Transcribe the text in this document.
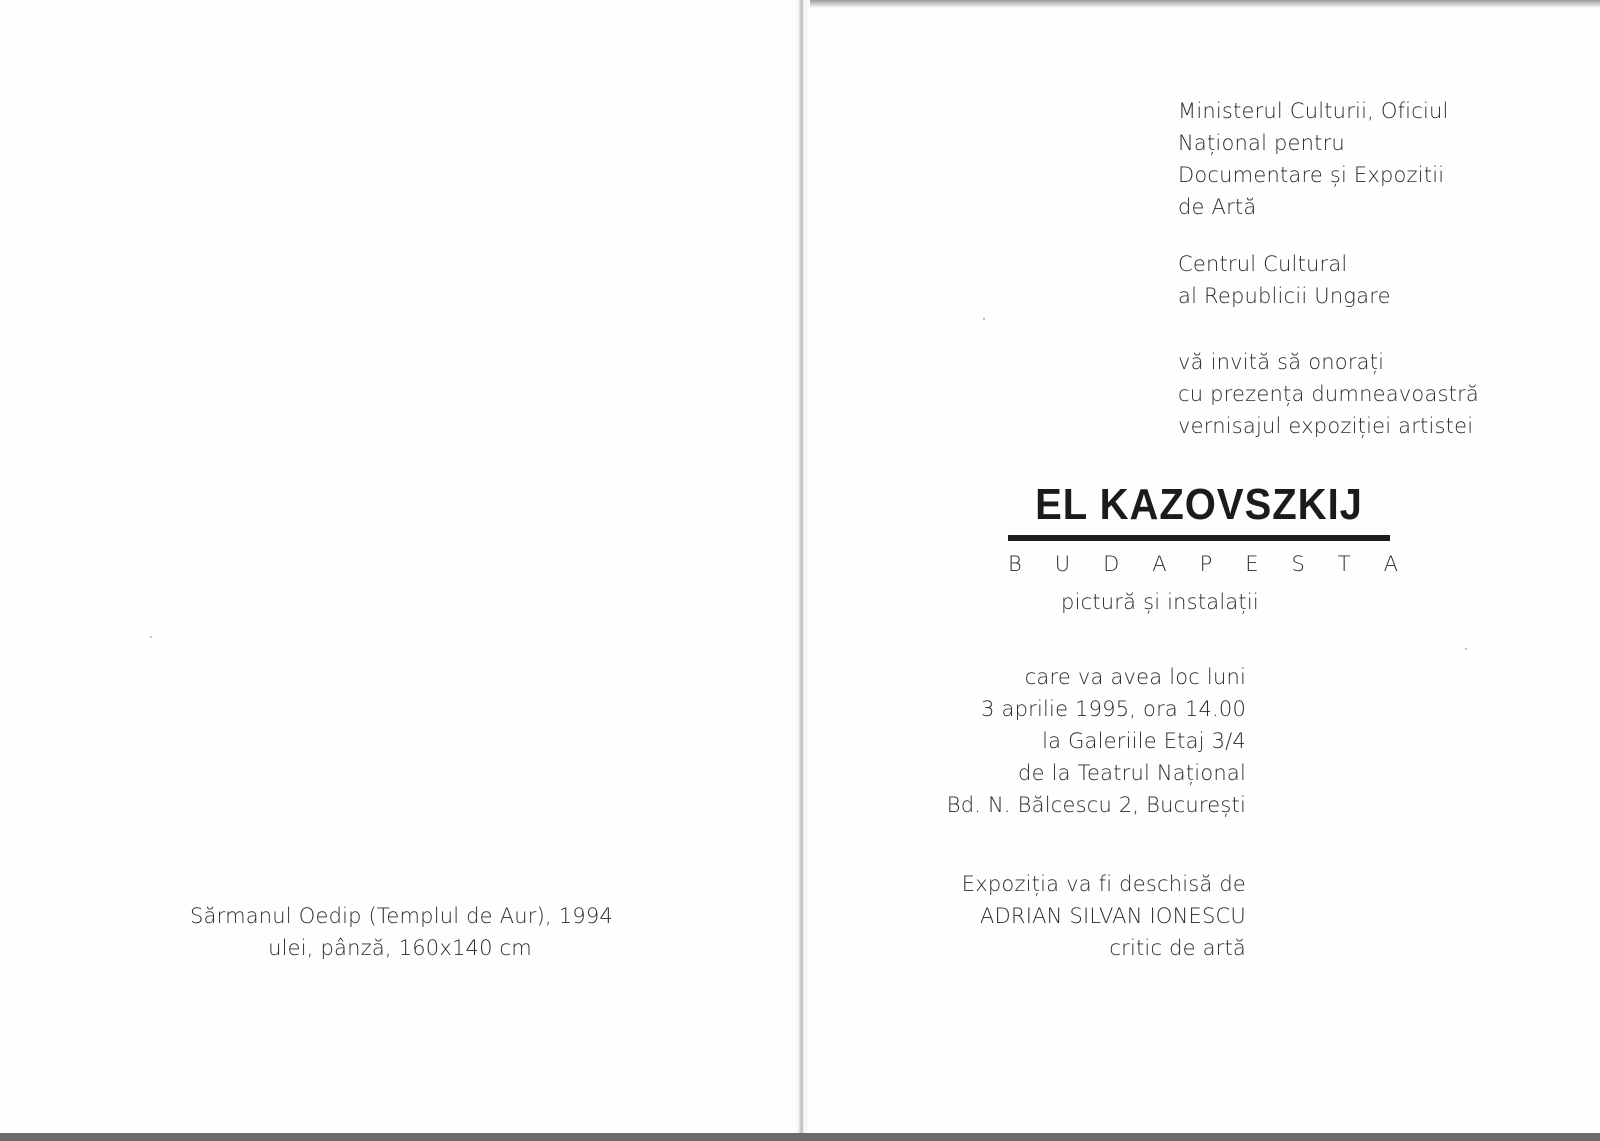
Sărmanul Oedip (Templul de Aur), 1994
ulei, pânză, 160x140 cm
Ministerul Culturii, Oficiul
Național pentru
Documentare și Expozitii
de Artă
Centrul Cultural
al Republicii Ungare
vă invită să onorați
cu prezența dumneavoastră
vernisajul expoziției artistei
EL KAZOVSZKIJ
B U D A P E S T A
pictură și instalații
care va avea loc luni
3 aprilie 1995, ora 14.00
la Galeriile Etaj 3/4
de la Teatrul Național
Bd. N. Bălcescu 2, București
Expoziția va fi deschisă de
ADRIAN SILVAN IONESCU
critic de artă
